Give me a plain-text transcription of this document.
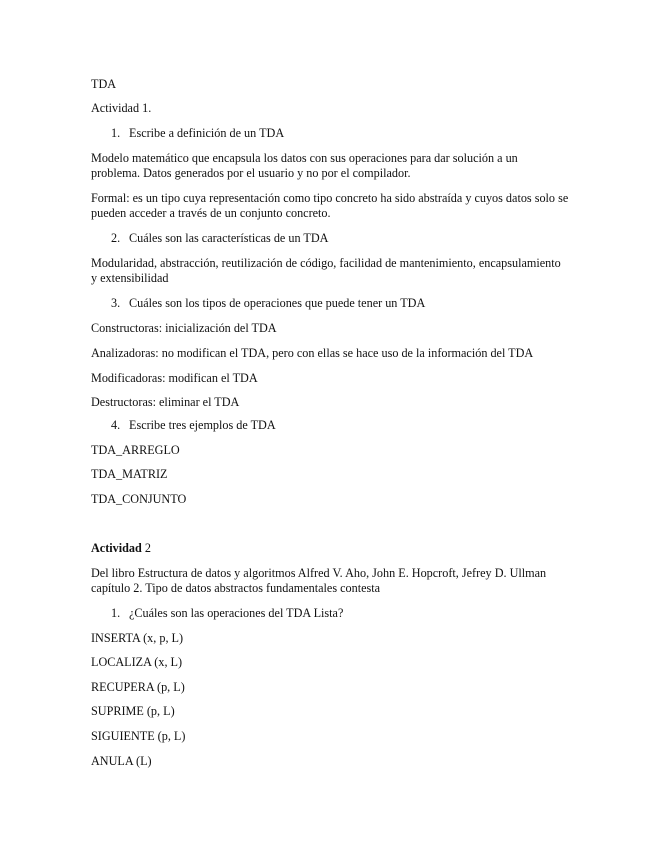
TDA
Actividad 1.
1. Escribe a definición de un TDA
Modelo matemático que encapsula los datos con sus operaciones para dar solución a un problema. Datos generados por el usuario y no por el compilador.
Formal: es un tipo cuya representación como tipo concreto ha sido abstraída y cuyos datos solo se pueden acceder a través de un conjunto concreto.
2. Cuáles son las características de un TDA
Modularidad, abstracción, reutilización de código, facilidad de mantenimiento, encapsulamiento y extensibilidad
3. Cuáles son los tipos de operaciones que puede tener un TDA
Constructoras: inicialización del TDA
Analizadoras: no modifican el TDA, pero con ellas se hace uso de la información del TDA
Modificadoras: modifican el TDA
Destructoras: eliminar el TDA
4. Escribe tres ejemplos de TDA
TDA_ARREGLO
TDA_MATRIZ
TDA_CONJUNTO
Actividad 2
Del libro Estructura de datos y algoritmos Alfred V. Aho, John E. Hopcroft, Jefrey D. Ullman capítulo 2. Tipo de datos abstractos fundamentales contesta
1. ¿Cuáles son las operaciones del TDA Lista?
INSERTA (x, p, L)
LOCALIZA (x, L)
RECUPERA (p, L)
SUPRIME (p, L)
SIGUIENTE (p, L)
ANULA (L)
